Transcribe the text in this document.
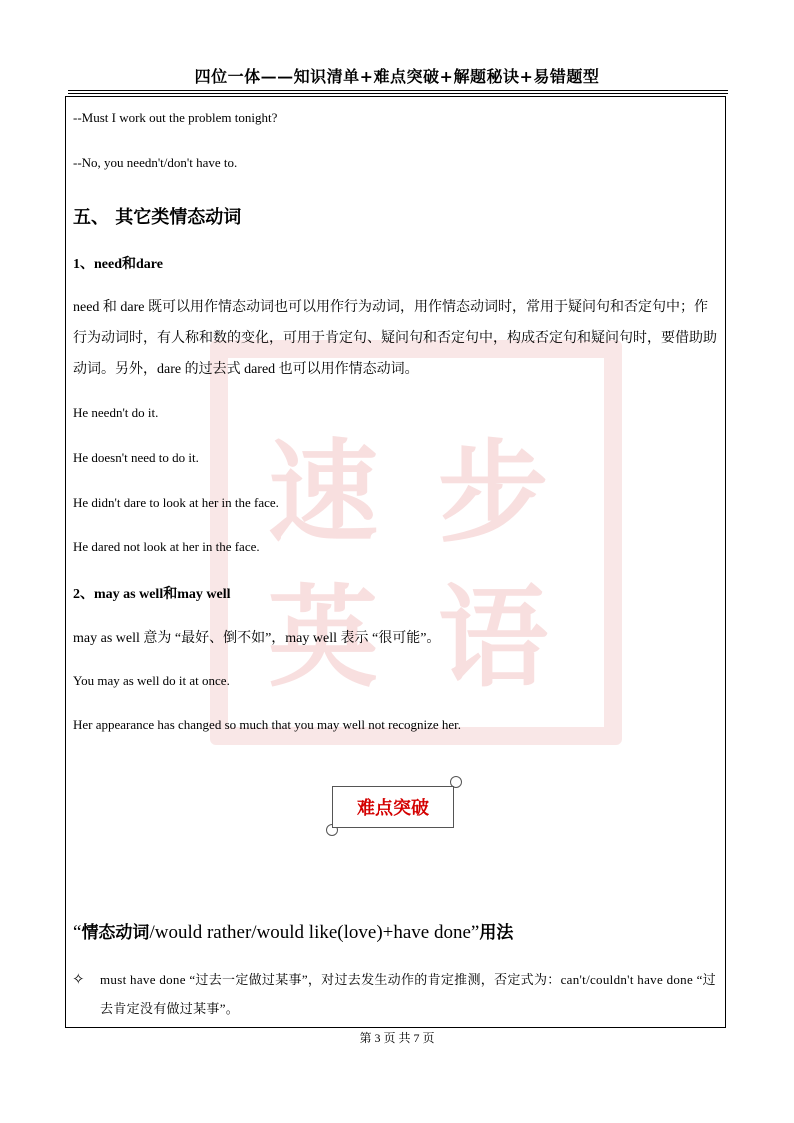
四位一体——知识清单+难点突破+解题秘诀+易错题型
速 步
英 语
--Must I work out the problem tonight?
--No, you needn't/don't have to.
五、 其它类情态动词
1、need和dare
need 和 dare 既可以用作情态动词也可以用作行为动词，用作情态动词时，常用于疑问句和否定句中；作行为动词时，有人称和数的变化，可用于肯定句、疑问句和否定句中，构成否定句和疑问句时，要借助助动词。另外，dare 的过去式 dared 也可以用作情态动词。
He needn't do it.
He doesn't need to do it.
He didn't dare to look at her in the face.
He dared not look at her in the face.
2、may as well和may well
may as well 意为 “最好、倒不如”，may well 表示 “很可能”。
You may as well do it at once.
Her appearance has changed so much that you may well not recognize her.
难点突破
“情态动词/would rather/would like(love)+have done”用法
✧ must have done “过去一定做过某事”，对过去发生动作的肯定推测，否定式为：can't/couldn't have done “过去肯定没有做过某事”。
第 3 页 共 7 页
